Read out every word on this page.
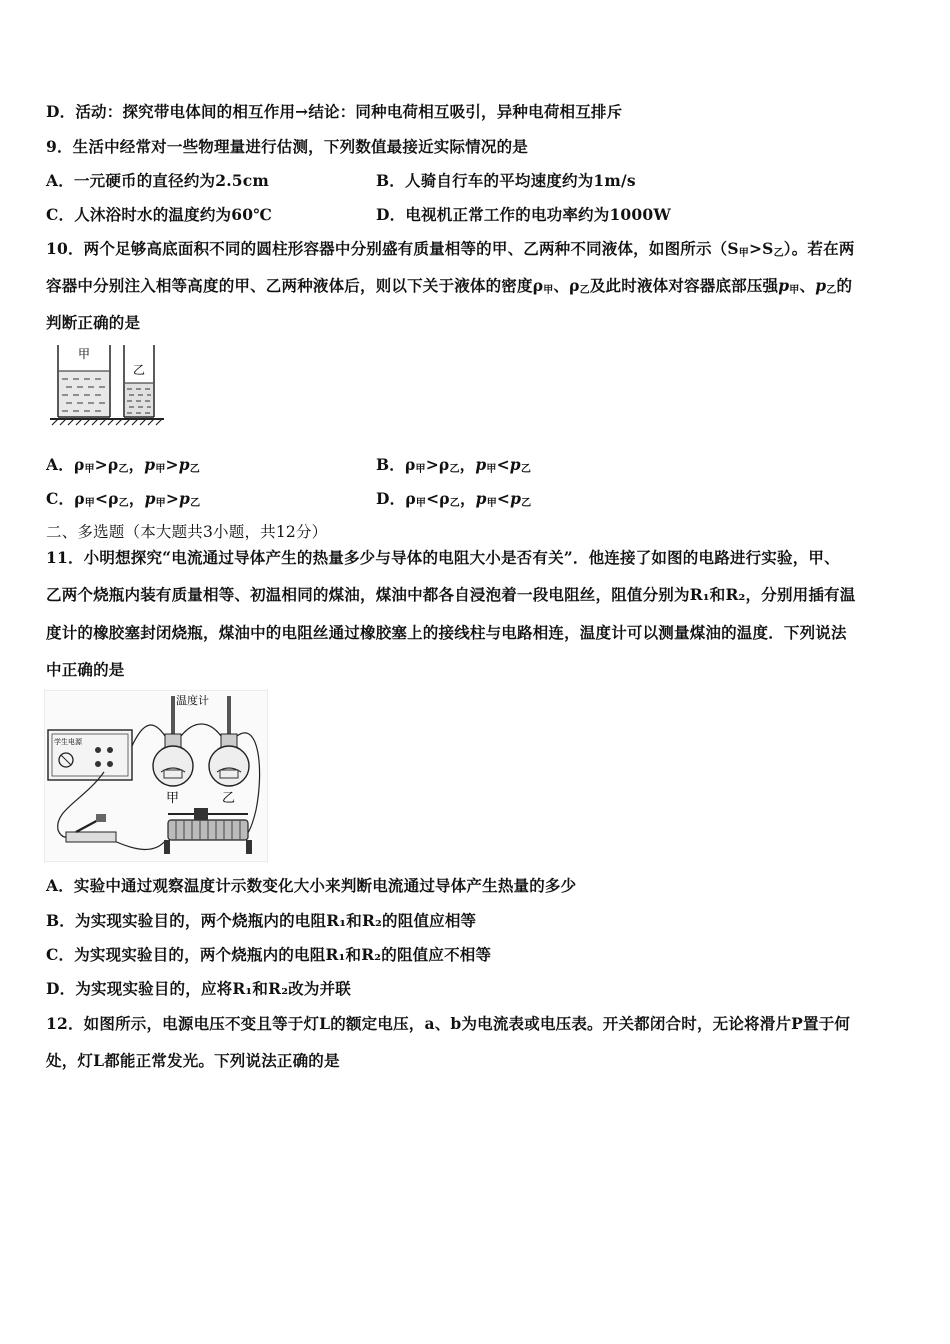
D．活动：探究带电体间的相互作用→结论：同种电荷相互吸引，异种电荷相互排斥
9．生活中经常对一些物理量进行估测，下列数值最接近实际情况的是
A．一元硬币的直径约为2.5cm	B．人骑自行车的平均速度约为1m/s
C．人沐浴时水的温度约为60℃	D．电视机正常工作的电功率约为1000W
10．两个足够高底面积不同的圆柱形容器中分别盛有质量相等的甲、乙两种不同液体，如图所示$(S_甲>S_乙)$。若在两
容器中分别注入相等高度的甲、乙两种液体后，则以下关于液体的密度$\rho_甲$、$\rho_乙$及此时液体对容器底部压强$p_甲$、$p_乙$的
判断正确的是
甲
乙
A．$\rho_甲>\rho_乙$，$p_甲>p_乙$	B．$\rho_甲>\rho_乙$，$p_甲<p_乙$
C．$\rho_甲<\rho_乙$，$p_甲>p_乙$	D．$\rho_甲<\rho_乙$，$p_甲<p_乙$
二、多选题（本大题共3小题，共12分）
11．小明想探究“电流通过导体产生的热量多少与导体的电阻大小是否有关”．他连接了如图的电路进行实验，甲、
乙两个烧瓶内装有质量相等、初温相同的煤油，煤油中都各自浸泡着一段电阻丝，阻值分别为R₁和R₂，分别用插有温
度计的橡胶塞封闭烧瓶，煤油中的电阻丝通过橡胶塞上的接线柱与电路相连，温度计可以测量煤油的温度．下列说法
中正确的是
学生电源
温度计
甲	乙
A．实验中通过观察温度计示数变化大小来判断电流通过导体产生热量的多少
B．为实现实验目的，两个烧瓶内的电阻R₁和R₂的阻值应相等
C．为实现实验目的，两个烧瓶内的电阻R₁和R₂的阻值应不相等
D．为实现实验目的，应将R₁和R₂改为并联
12．如图所示，电源电压不变且等于灯L的额定电压，a、b为电流表或电压表。开关都闭合时，无论将滑片P置于何
处，灯L都能正常发光。下列说法正确的是
